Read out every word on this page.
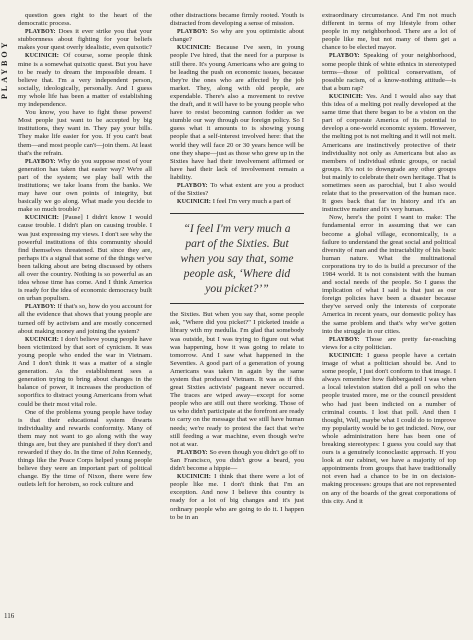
PLAYBOY

question goes right to the heart of the democratic process.

PLAYBOY: Does it ever strike you that your stubbornness about fighting for your beliefs makes your quest overly idealistic, even quixotic?

KUCINICH: Of course, some people think mine is a somewhat quixotic quest. But you have to be ready to dream the impossible dream. I believe that. I'm a very independent person, socially, ideologically, personally. And I guess my whole life has been a matter of establishing my independence.

You know, you have to fight these powers! Most people just want to be accepted by big institutions, they want in. They pay your bills. They make life easier for you. If you can't beat them—and most people can't—join them. At least that's the refrain.

PLAYBOY: Why do you suppose most of your generation has taken that easier way? We're all part of the system; we play ball with the institutions; we take loans from the banks. We may have our own points of integrity, but basically we go along. What made you decide to make so much trouble?

KUCINICH: [Pause] I didn't know I would cause trouble. I didn't plan on causing trouble. I was just expressing my views. I don't see why the powerful institutions of this community should find themselves threatened. But since they are, perhaps it's a signal that some of the things we've been talking about are being discussed by others all over the country. Nothing is so powerful as an idea whose time has come. And I think America is ready for the idea of economic democracy built on urban populism.

PLAYBOY: If that's so, how do you account for all the evidence that shows that young people are turned off by activism and are mostly concerned about making money and joining the system?

KUCINICH: I don't believe young people have been victimized by that sort of cynicism. It was young people who ended the war in Vietnam. And I don't think it was a matter of a single generation. As the establishment sees a generation trying to bring about changes in the balance of power, it increases the production of soporifics to distract young Americans from what could be their most vital role.

One of the problems young people have today is that their educational system thwarts individuality and rewards conformity. Many of them may not want to go along with the way things are, but they are punished if they don't and rewarded if they do. In the time of John Kennedy, things like the Peace Corps helped young people believe they were an important part of political change. By the time of Nixon, there were few outlets left for heroism, so rock culture and

other distractions became firmly rooted. Youth is distracted from developing a sense of mission.

PLAYBOY: So why are you optimistic about change?

KUCINICH: Because I've seen, in young people I've hired, that the need for a purpose is still there. It's young Americans who are going to be leading the push on economic issues, because they're the ones who are affected by the job market. They, along with old people, are expendable. There's also a movement to revive the draft, and it will have to be young people who have to resist becoming cannon fodder as we stumble our way through our foreign policy. So I guess what it amounts to is showing young people that a self-interest involved here: that the world they will face 20 or 30 years hence will be one they shape—just as those who grew up in the Sixties have had their involvement affirmed or have had their lack of involvement remain a liability.

PLAYBOY: To what extent are you a product of the Sixties?

KUCINICH: I feel I'm very much a part of

“I feel I'm very much a part of the Sixties. But when you say that, some people ask, ‘Where did you picket?’”

the Sixties. But when you say that, some people ask, "Where did you picket?" I picketed inside a library with my medulla. I'm glad that somebody was outside, but I was trying to figure out what was happening, how it was going to relate to tomorrow. And I saw what happened in the Seventies. A good part of a generation of young Americans was taken in again by the same system that produced Vietnam. It was as if this great Sixties activists' pageant never occurred. The traces are wiped away—except for some people who are still out there working. Those of us who didn't participate at the forefront are ready to carry on the message that we still have human needs; we're ready to protest the fact that we're still feeding a war machine, even though we're not at war.

PLAYBOY: So even though you didn't go off to San Francisco, you didn't grow a beard, you didn't become a hippie—

KUCINICH: I think that there were a lot of people like me. I don't think that I'm an exception. And now I believe this country is ready for a lot of big changes and it's just ordinary people who are going to do it. I happen to be in an

extraordinary circumstance. And I'm not much different in terms of my lifestyle from other people in my neighborhood. There are a lot of people like me, but not many of them get a chance to be elected mayor.

PLAYBOY: Speaking of your neighborhood, some people think of white ethnics in stereotyped terms—those of political conservatism, of possible racism, of a know-nothing attitude—is that a bum rap?

KUCINICH: Yes. And I would also say that this idea of a melting pot really developed at the same time that there began to be a vision on the part of corporate America of its potential to develop a one-world economic system. However, the melting pot is not melting and it will not melt. Americans are instinctively protective of their individuality not only as Americans but also as members of individual ethnic groups, or racial groups. It's not to downgrade any other groups but mainly to celebrate their own heritage. That is sometimes seen as parochial, but I also would relate that to the preservation of the human race. It goes back that far in history and it's an instinctive matter and it's very human.

Now, here's the point I want to make: The fundamental error in assuming that we can become a global village, economically, is a failure to understand the great social and political diversity of man and the intractability of his basic human nature. What the multinational corporations try to do is build a precursor of the 1984 world. It is not consistent with the human and social needs of the people. So I guess the implication of what I said is that just as our foreign policies have been a disaster because they've served only the interests of corporate America in recent years, our domestic policy has the same problem and that's why we've gotten into the struggle in our cities.

PLAYBOY: Those are pretty far-reaching views for a city politician.

KUCINICH: I guess people have a certain image of what a politician should be. And to some people, I just don't conform to that image. I always remember how flabbergasted I was when a local television station did a poll on who the people trusted more, me or the council president who had just been indicted on a number of criminal counts. I lost that poll. And then I thought, Well, maybe what I could do to improve my popularity would be to get indicted. Now, our whole administration here has been one of breaking stereotypes: I guess you could say that ours is a genuinely iconoclastic approach. If you look at our cabinet, we have a majority of top appointments from groups that have traditionally not even had a chance to be in on decision-making processes: groups that are not represented on any of the boards of the great corporations of this city. And it

116
